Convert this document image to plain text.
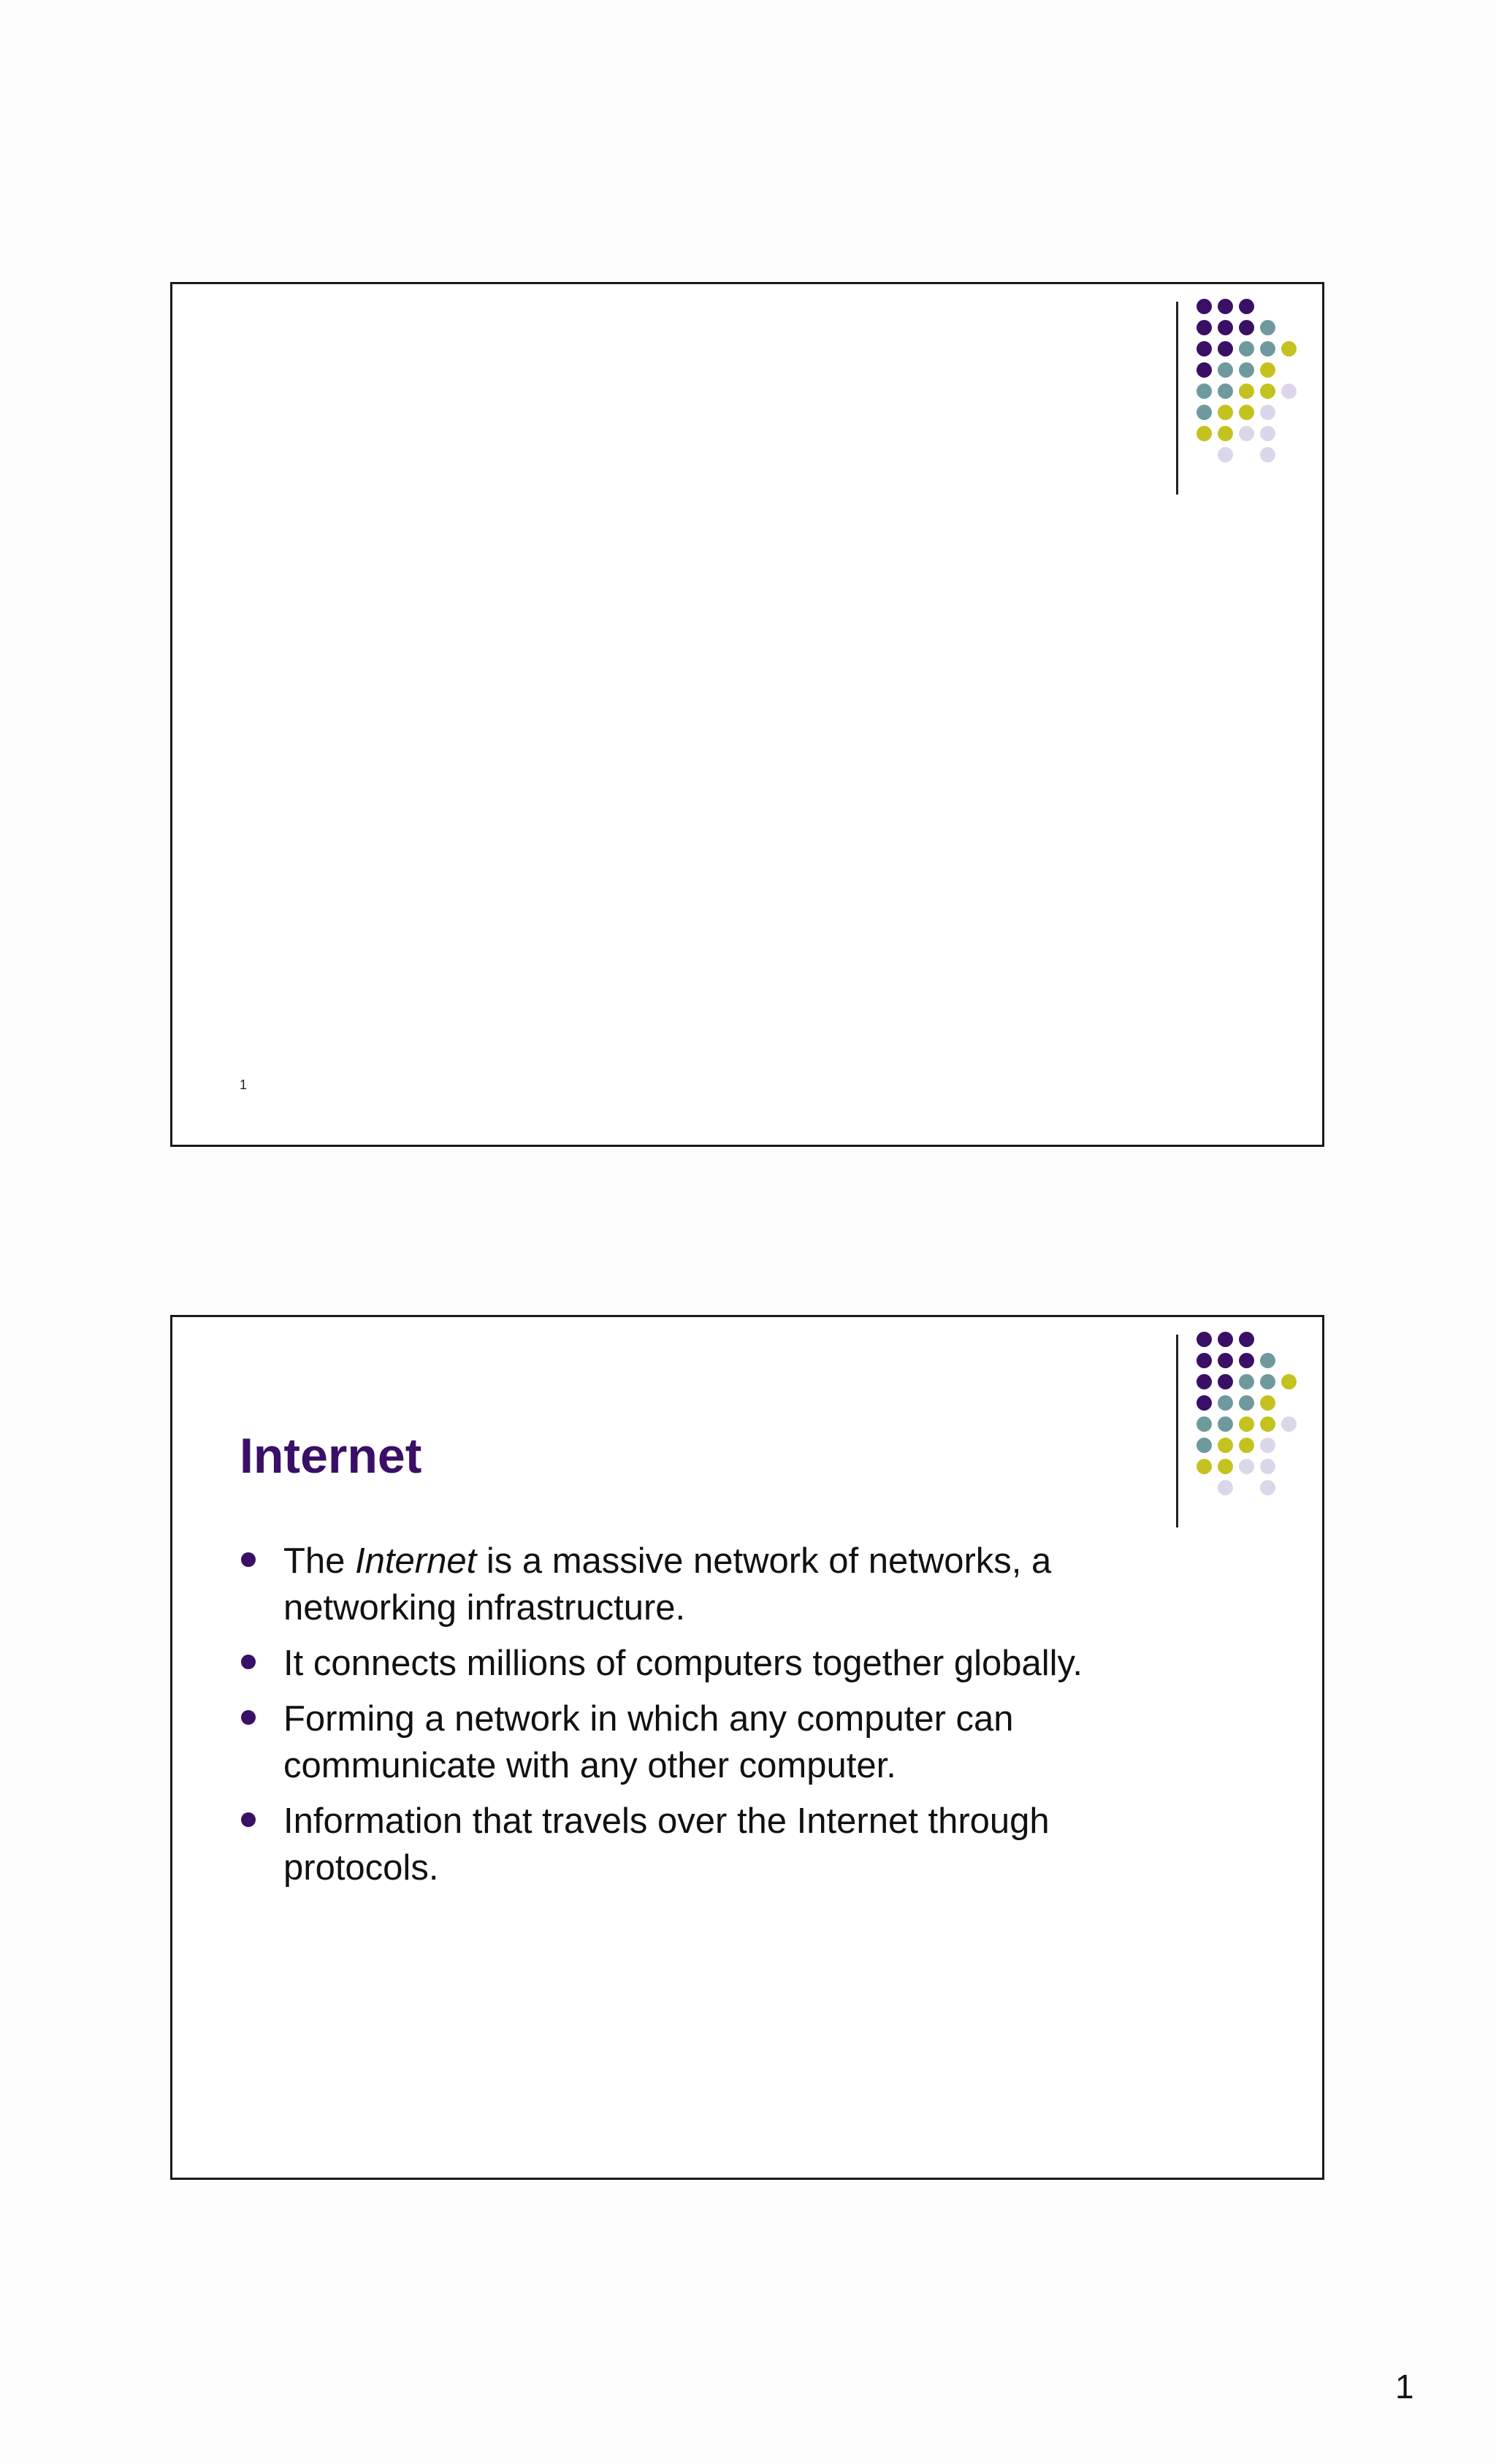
1
Internet
The Internet is a massive network of networks, a networking infrastructure.
It connects millions of computers together globally.
Forming a network in which any computer can communicate with any other computer.
Information that travels over the Internet through protocols.
1
